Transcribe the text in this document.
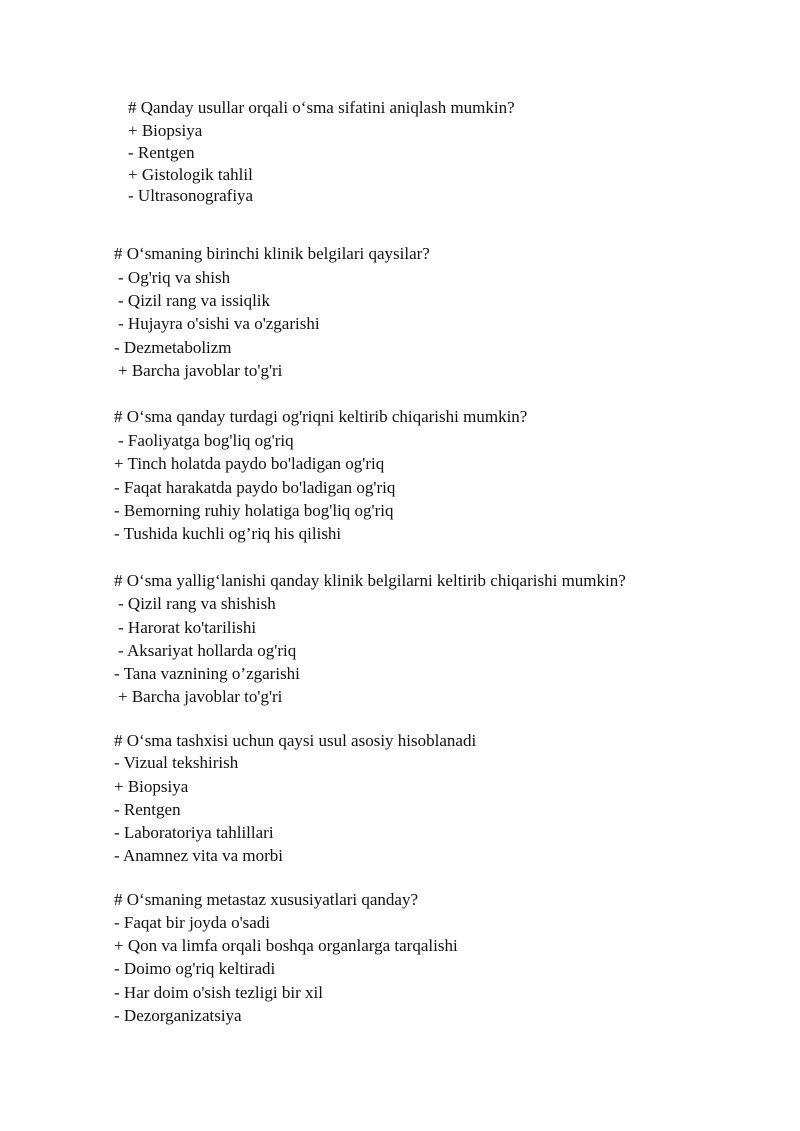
# Qanday usullar orqali o‘sma sifatini aniqlash mumkin?
+ Biopsiya
- Rentgen
+ Gistologik tahlil
- Ultrasonografiya
# O‘smaning birinchi klinik belgilari qaysilar?
- Og'riq va shish
- Qizil rang va issiqlik
- Hujayra o'sishi va o'zgarishi
- Dezmetabolizm
+ Barcha javoblar to'g'ri
# O‘sma qanday turdagi og'riqni keltirib chiqarishi mumkin?
- Faoliyatga bog'liq og'riq
+ Tinch holatda paydo bo'ladigan og'riq
- Faqat harakatda paydo bo'ladigan og'riq
- Bemorning ruhiy holatiga bog'liq og'riq
- Tushida kuchli og’riq his qilishi
# O‘sma yallig‘lanishi qanday klinik belgilarni keltirib chiqarishi mumkin?
- Qizil rang va shishish
- Harorat ko'tarilishi
- Aksariyat hollarda og'riq
- Tana vaznining o’zgarishi
+ Barcha javoblar to'g'ri
# O‘sma tashxisi uchun qaysi usul asosiy hisoblanadi
- Vizual tekshirish
+ Biopsiya
- Rentgen
- Laboratoriya tahlillari
- Anamnez vita va morbi
# O‘smaning metastaz xususiyatlari qanday?
- Faqat bir joyda o'sadi
+ Qon va limfa orqali boshqa organlarga tarqalishi
- Doimo og'riq keltiradi
- Har doim o'sish tezligi bir xil
- Dezorganizatsiya
